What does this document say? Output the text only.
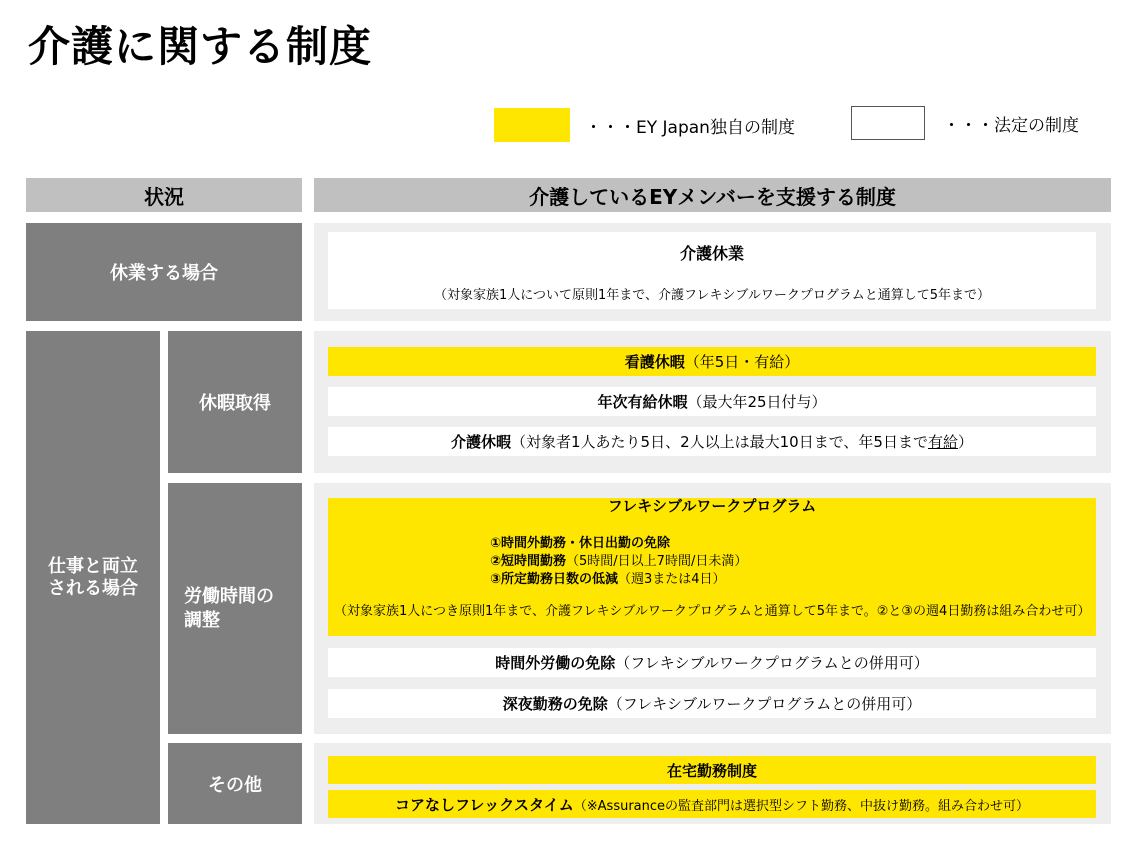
介護に関する制度
・・・EY Japan独自の制度	・・・法定の制度
状況	介護しているEYメンバーを支援する制度
休業する場合
介護休業
（対象家族1人について原則1年まで、介護フレキシブルワークプログラムと通算して5年まで）
仕事と両立
される場合
休暇取得
看護休暇 （年5日・有給）
年次有給休暇 （最大年25日付与）
介護休暇 （対象者1人あたり5日、2人以上は最大10日まで、年5日まで 有給 ）
労働時間の
調整
フレキシブルワークプログラム
①時間外勤務・休日出勤の免除
②短時間勤務（5時間/日以上7時間/日未満）
③所定勤務日数の低減（週3または4日）
（対象家族1人につき原則1年まで、介護フレキシブルワークプログラムと通算して5年まで。②と③の週4日勤務は組み合わせ可）
時間外労働の免除 （フレキシブルワークプログラムとの併用可）
深夜勤務の免除 （フレキシブルワークプログラムとの併用可）
その他
在宅勤務制度
コアなしフレックスタイム （※Assuranceの監査部門は選択型シフト勤務、中抜け勤務。組み合わせ可）
